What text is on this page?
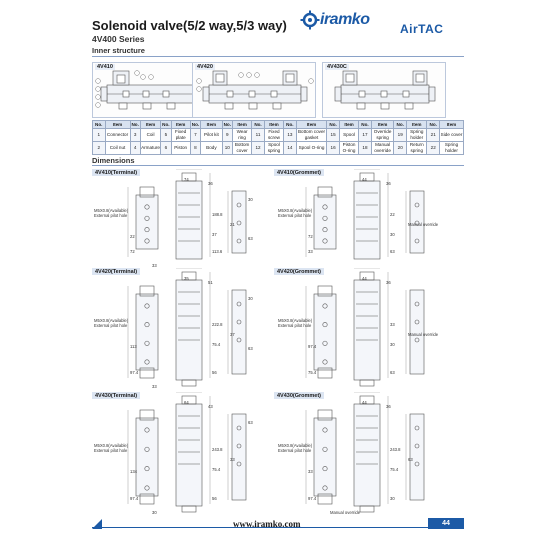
Solenoid valve(5/2 way,5/3 way)
4V400 Series
iramko
AirTAC
Inner structure
4V410	4V420	4V430C
No.	Item	No.	Item	No.	Item	No.	Item	No.	Item	No.	Item	No.	Item	No.	Item	No.	Item	No.	Item	No.	Item
1	Connector	3	Coil	5	Fixed plate	7	Pilot kit	9	Wear ring	11	Fixed screw	13	Bottom cover gasket	15	Spool	17	Override spring	19	Spring holder	21	Side cover
2	Coil nut	4	Armature	6	Piston	8	Body	10	Bottom cover	12	Spool spring	14	Spool O-ring	16	Piston O-ring	18	Manual override	20	Return spring	22	Spring holder
Dimensions
4V410(Terminal)
M5X0.8(Available)
External pilot hole
74
36
188.8
22
72
37
113.6
21
33
30
63
4V410(Grommet)
M5X0.8(Available)
External pilot hole
44
36
22
72
33
30
63
Manual override
4V420(Terminal)
M5X0.8(Available)
External pilot hole
35
51
222.8
113
97.4
75.4
56
37
33
30
63
4V420(Grommet)
M5X0.8(Available)
External pilot hole
44
36
33
97.4
75.4
30
63
Manual override
4V430(Terminal)
M5X0.8(Available)
External pilot hole
64
43
243.8
134
97.4
75.4
56
33
30
63
4V430(Grommet)
M5X0.8(Available)
External pilot hole
44
36
243.8
33
97.4
75.4
30
63
Manual override
www.iramko.com	44
